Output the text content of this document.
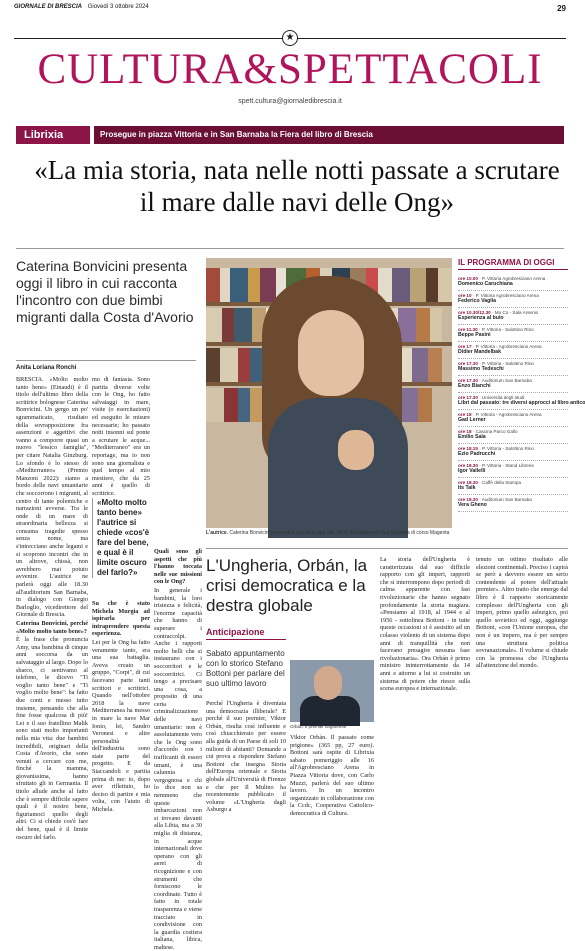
GIORNALE DI BRESCIA Giovedì 3 ottobre 2024	29
★
CULTURA&SPETTACOLI
spett.cultura@giornaledibrescia.it
Librixia	Prosegue in piazza Vittoria e in San Barnaba la Fiera del libro di Brescia
«La mia storia, nata nelle notti passate a scrutare il mare dalle navi delle Ong»
Caterina Bonvicini presenta oggi il libro in cui racconta l'incontro con due bimbi migranti dalla Costa d'Avorio
Anita Loriana Ronchi
L'autrice. Caterina Bonvicini presenta il suo libro oggi alle 18.30 all'auditorium San Barnaba di corso Magenta

BRESCIA. «Molto molto tanto bene» (Einaudi) è il titolo dell'ultimo libro della scrittrice bolognese Caterina Bonvicini. Un gergo un po' sgrammaticato, risultato della sovrapposizione fra assenzioni e aggettivi che vanno a comporre quasi un nuovo "lessico famiglia", per citare Natalia Ginzburg. Lo sfondo è lo stesso di «Mediterraneo» (Premio Manzoni 2022): siamo a bordo delle navi umanitarie che soccorrono i migranti, al centro di tante polemiche e narrazioni avverse. Tra le onde di un mare di straordinaria bellezza si consuma tragedie spesso senza nome, ma s'intrecciano anche legami e si scoprono incontri che in un altrove, chissà, non avrebbero mai potuto avvenire. L'autrice ne parlerà oggi alle 18.30 all'auditorium San Barnaba, in dialogo con Giorgio Barloglio, vicedirettore del Giornale di Brescia.

Caterina Bonvicini, perché «Molto molto tanto bene»?

È la frase che pronuncia Amy, una bambina di cinque anni soccorsa da un salvataggio al largo. Dopo lo sbarco, ci sentivamo al telefono, le dicevo "Ti voglio tanto bene" e "Ti voglio molto bene": ha fatto due conti e messo tutto insieme, pensando che alla fine fosse qualcosa di più! Lei e il suo fratellino Malik sono stati molto importanti nella mia vita: due bambini incredibili, originari della Costa d'Avorio, che sono venuti a cercare con me, finché la mamma, giovanissima, hanno sfruttato gli in Germania. Il titolo allude anche al fatto che è sempre difficile sapere quali è il nostro bene, figuriamoci quello degli altri. Ci si chiede cos'è fare del bene, qual è il limite oscuro del farlo.

mo di fantasia. Sono partita diverse volte con le Ong, ho fatto salvataggi in mare, visite (o esercitazioni) ed eseguito le misure necessarie; ho passato notti insonni sul ponte a scrutare le acque... "Mediterraneo" era un reportage, ma io non sono una giornalista e quel tempo al mio mestiere, che da 25 anni è quello di scrittrice.

«Molto molto tanto bene» l'autrice si chiede «cos'è fare del bene, e qual è il limite oscuro del farlo?»

Su che è stato Michela Murgia ad ispirarla per intraprendere questa esperienza.

Lei per le Ong ha fatto veramente tanto, era una sua battaglia. Aveva creato un gruppo, "Corpi", di cui facevano parte tanti scrittori e scrittrici. Quando nell'ottobre 2018 la nave Mediterranea ha messo in mare la nave Mar Ionio, lei, Sandro Veronesi e altre personalità dell'industria sono state parte del progetto. E da Staccandoli e partita prima di me: io, dopo aver riflettuto, ho deciso di partire e mia volta, con l'aiuto di Michela.

Quali sono gli aspetti che più l'hanno toccata nelle sue missioni con le Ong?

In generale i bambini, la loro tristezza e felicità, l'enorme capacità che hanno di superare i contraccolpi. Anche i rapporti molto belli che si instaurano con i soccorritori e le soccorritrici. Ci tengo a precisare una cosa, a proposito di una certa criminalizzazione delle navi umanitarie: non è assolutamente vero che le Ong sono d'accordo con i trafficanti di esseri umani, è una calunnia vergognosa e chi lo dice non sa nemmeno che queste imbarcazioni non si trovano davanti alla Libia, ma a 30 miglia di distanza, in acque internazionali dove operano con gli aerei di ricognizione e con strumenti che forniscono le coordinate. Tutto è fatto in totale trasparenza e viene tracciato in condivisione con la guardia costiera italiana, libica, maltese.

IL PROGRAMMA DI OGGI
ore 10.00 · P. Vittoria Agrobresciano Arena
Domenico Caruchiana
ore 10 · P. Vittoria Agrobresciano Arena
Federico Vaglia
ore 10.30/12.30 · Mo Co - Sala Arsenio
Esperienza al buio
ore 11.30 · P. Vittoria - Salottino Rino
Beppe Pasini
ore 17 · P. Vittoria - Agrobresciano Arena
Didier Mandelbak
ore 17.30 · P. Vittoria - Salottino Rino
Massimo Tedeschi
ore 17.30 · Auditorium San Barnaba
Enzo Bianchi
ore 17.30 · Università degli studi
Libri dal passato: tre diversi approcci al libro antico
ore 18 · P. Vittoria - Agrobresciano Arena
Gad Lerner
ore 18 · Cascina Parco Gallo
Emilio Sala
ore 18.15 · P. Vittoria - Salottino Rino
Ezio Padrucchi
ore 18.30 · P. Vittoria - Stand Librerie
Igor Vallelli
ore 18.30 · Caffè della Stampa
Its Talk
ore 18.30 · Auditorium San Barnaba
Vera Gheno
L'Ungheria, Orbán, la crisi democratica e la destra globale
Anticipazione
Sabato appuntamento con lo storico Stefano Bottoni per parlare del suo ultimo lavoro
Orbán. Il premier ungherese

Perché l'Ungheria è diventata una democrazia illiberale? E perché il suo premier, Viktor Orbán, risulta così influente e così chiacchierato per essere alla guida di un Paese di soli 10 milioni di abitanti? Domande a cui prova a rispondere Stefano Bottoni che insegna Storia dell'Europa orientale e Storia globale all'Università di Firenze e che per Il Mulino ha recentemente pubblicato il volume «L'Ungheria dagli Asburgo a

Viktor Orbán. Il passato come prigione» (365 pp, 27 euro). Bottoni sarà ospite di Librixia sabato pomeriggio alle 16 all'Agrobresciano Arena in Piazza Vittoria dove, con Carlo Muzzi, parlerà del suo ultimo lavoro. In un incontro organizzato in collaborazione con la Ccdc, Cooperativa Cattolico-democratica di Cultura.

La storia dell'Ungheria è caratterizzata dal suo difficile rapporto con gli imperi, rapporti che si interrompono dopo periodi di calma apparente con fasi rivoluzionarie che hanno segnato profondamente la storia magiara. «Pensiamo al 1918, al 1944 e al 1956 - sottolinea Bottoni - in tutte queste occasioni si è assistito ad un colasso violento di un sistema dopo anni di tranquillità che non facevano presagire nessuna fase rivoluzionaria». Ora Orbán è primo ministro ininterrottamente da 14 anni e attorno a lui si costruito un sistema di potere che riesce sulla scena europea e internazionale.

tenuto un ottimo risultato alle elezioni continentali. Preciso i capirà se però a davvero essere un serio contendente al potere dell'attuale premier». Altro tratto che emerge dal libro è il rapporto storicamente complesso dell'Ungheria con gli imperi, primo quello asburgico, poi quello sovietico ed oggi, aggiunge Bottoni, «con l'Unione europea, che non è un impero, ma è per sempre una struttura politica sovranazionale». Il volume si chiude con la promessa che l'Ungheria all'attenzione del mondo.
